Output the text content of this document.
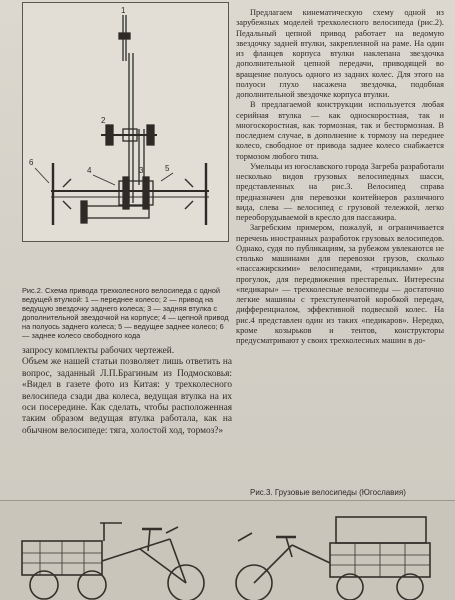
1
2
4	3	5
6

Предлагаем кинематическую схему одной из зарубежных моделей трехколесного велосипеда (рис.2). Педальный цепной привод работает на ведомую звездочку задней втулки, закрепленной на раме. На один из фланцев корпуса втулки наклепана звездочка дополнительной цепной передачи, приводящей во вращение полуось одного из задних колес. Для этого на полуоси глухо насажена звездочка, подобная дополнительной звездочке корпуса втулки.

В предлагаемой конструкции используется любая серийная втулка — как односкоростная, так и многоскоростная, как тормозная, так и бестормозная. В последнем случае, в дополнение к тормозу на переднее колесо, свободное от привода заднее колесо снабжается тормозом любого типа.

Умельцы из югославского города Загреба разработали несколько видов грузовых велосипедных шасси, представленных на рис.3. Велосипед справа предназначен для перевозки контейнеров различного вида, слева — велосипед с грузовой тележкой, легко переоборудываемой в кресло для пассажира.

Загребским примером, пожалуй, и ограничивается перечень иностранных разработок грузовых велосипедов. Однако, судя по публикациям, за рубежом увлекаются не столько машинами для перевозки грузов, сколько «пассажирскими» велосипедами, «трициклами» для прогулок, для передвижения престарелых. Интересны «педикары» — трехколесные велосипеды — достаточно легкие машины с трехступенчатой коробкой передач, дифференциалом, эффективной подвеской колес. На рис.4 представлен один из таких «педикаров». Нередко, кроме козырьков и тентов, конструкторы предусматривают у своих трехколесных машин в до-

Рис.2. Схема привода трехколесного велосипеда с одной ведущей втулкой: 1 — переднее колесо; 2 — привод на ведущую звездочку заднего колеса; 3 — задняя втулка с дополнительной звездочкой на корпусе; 4 — цепной привод на полуось заднего колеса; 5 — ведущее заднее колесо; 6 — заднее колесо свободного хода

запросу комплекты рабочих чертежей.

Объем же нашей статьи позволяет лишь ответить на вопрос, заданный Л.П.Брагиным из Подмосковья: «Видел в газете фото из Китая: у трехколесного велосипеда сзади два колеса, ведущая втулка на их оси посередине. Как сделать, чтобы расположенная таким образом ведущая втулка работала, как на обычном велосипеде: тяга, холостой ход, тормоз?»

Рис.3. Грузовые велосипеды (Югославия)
